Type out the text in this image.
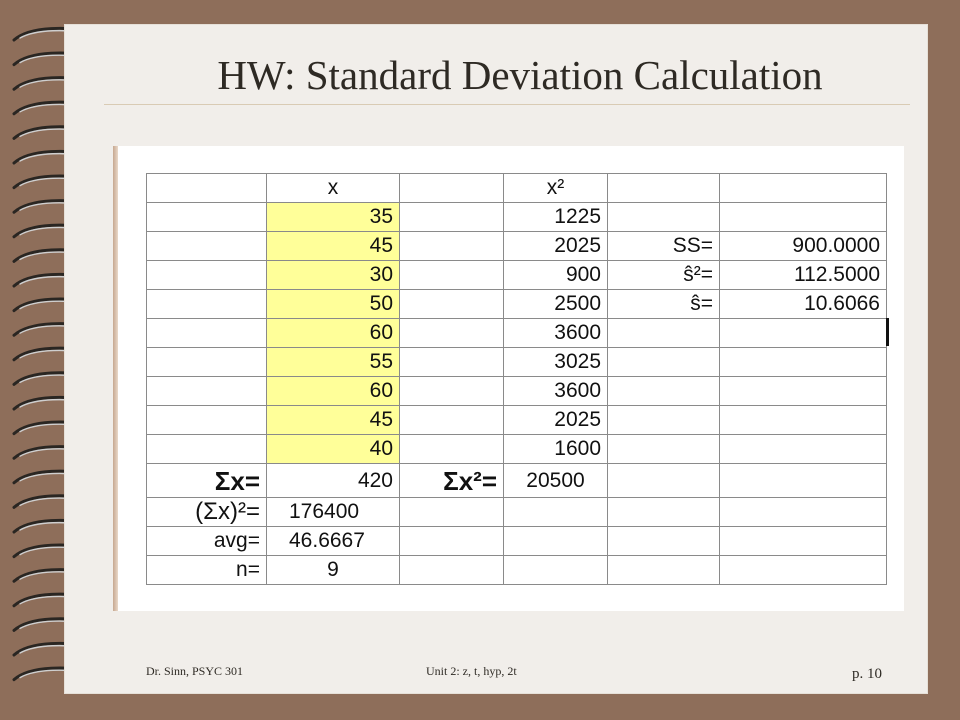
HW: Standard Deviation Calculation
	x		x²		
	35		1225		
	45		2025	SS=	900.0000
	30		900	ŝ²=	112.5000
	50		2500	ŝ=	10.6066
	60		3600		
	55		3025		
	60		3600		
	45		2025		
	40		1600		
Σx=	420	Σx²=	20500		
(Σx)²=	176400				
avg=	46.6667				
n=	9				
Dr. Sinn, PSYC 301	Unit 2: z, t, hyp, 2t	p. 10
